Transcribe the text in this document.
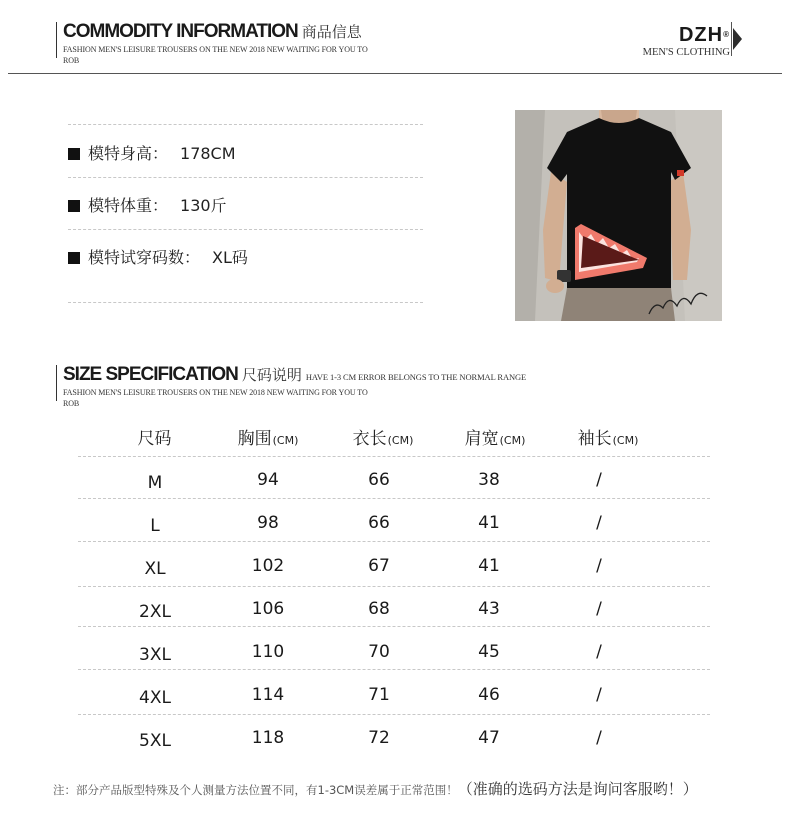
COMMODITY INFORMATION 商品信息
FASHION MEN'S LEISURE TROUSERS ON THE NEW 2018 NEW WAITING FOR YOU TO ROB
DZH®
MEN'S CLOTHING
模特身高： 178CM
模特体重： 130斤
模特试穿码数： XL码
SIZE SPECIFICATION 尺码说明 HAVE 1-3 CM ERROR BELONGS TO THE NORMAL RANGE
FASHION MEN'S LEISURE TROUSERS ON THE NEW 2018 NEW WAITING FOR YOU TO ROB
尺码	胸围(CM)	衣长(CM)	肩宽(CM)	袖长(CM)
M	94	66	38	/
L	98	66	41	/
XL	102	67	41	/
2XL	106	68	43	/
3XL	110	70	45	/
4XL	114	71	46	/
5XL	118	72	47	/
注：部分产品版型特殊及个人测量方法位置不同，有1-3CM误差属于正常范围！（准确的选码方法是询问客服哟！）
